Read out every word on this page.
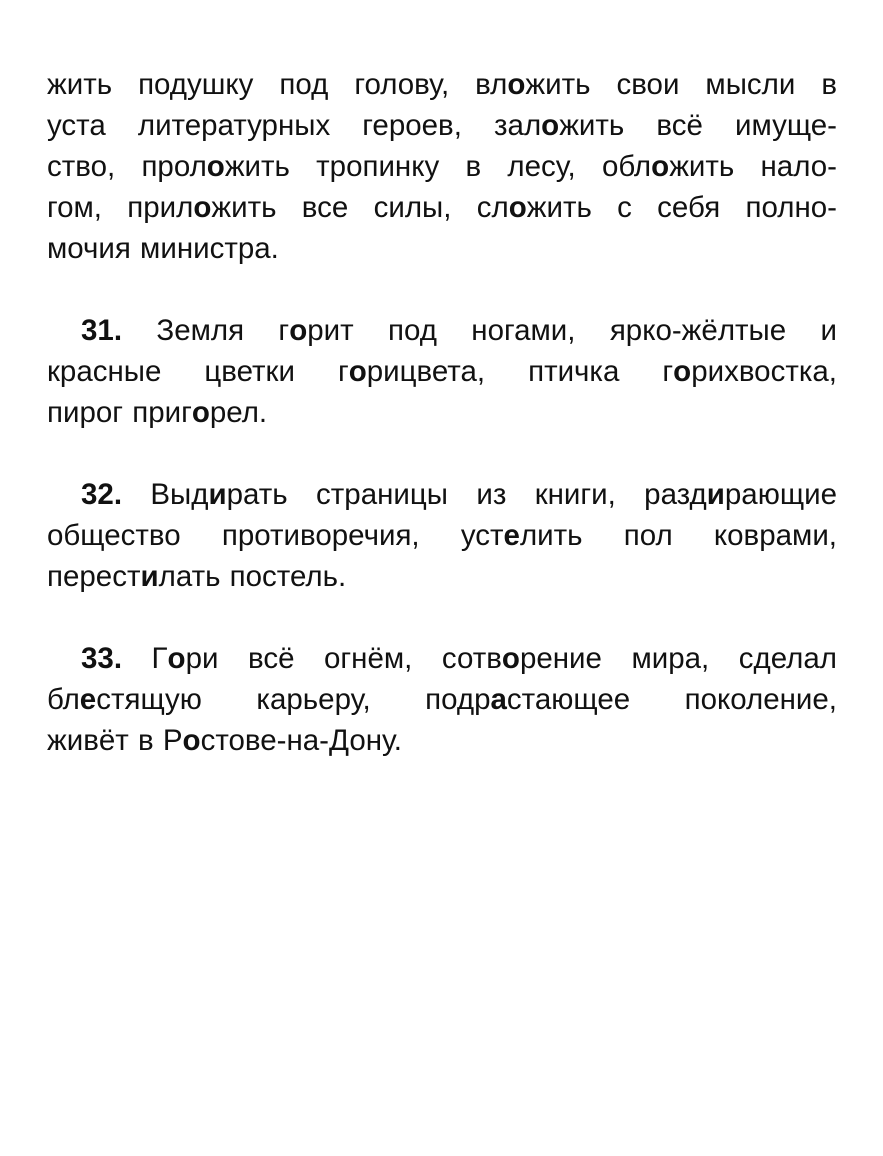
жить подушку под голову, вложить свои мысли в
уста литературных героев, заложить всё имуще-
ство, проложить тропинку в лесу, обложить нало-
гом, приложить все силы, сложить с себя полно-
мочия министра.
31. Земля горит под ногами, ярко-жёлтые и
красные цветки горицвета, птичка горихвостка,
пирог пригорел.
32. Выдирать страницы из книги, раздирающие
общество противоречия, устелить пол коврами,
перестилать постель.
33. Гори всё огнём, сотворение мира, сделал
блестящую карьеру, подрастающее поколение,
живёт в Ростове-на-Дону.
